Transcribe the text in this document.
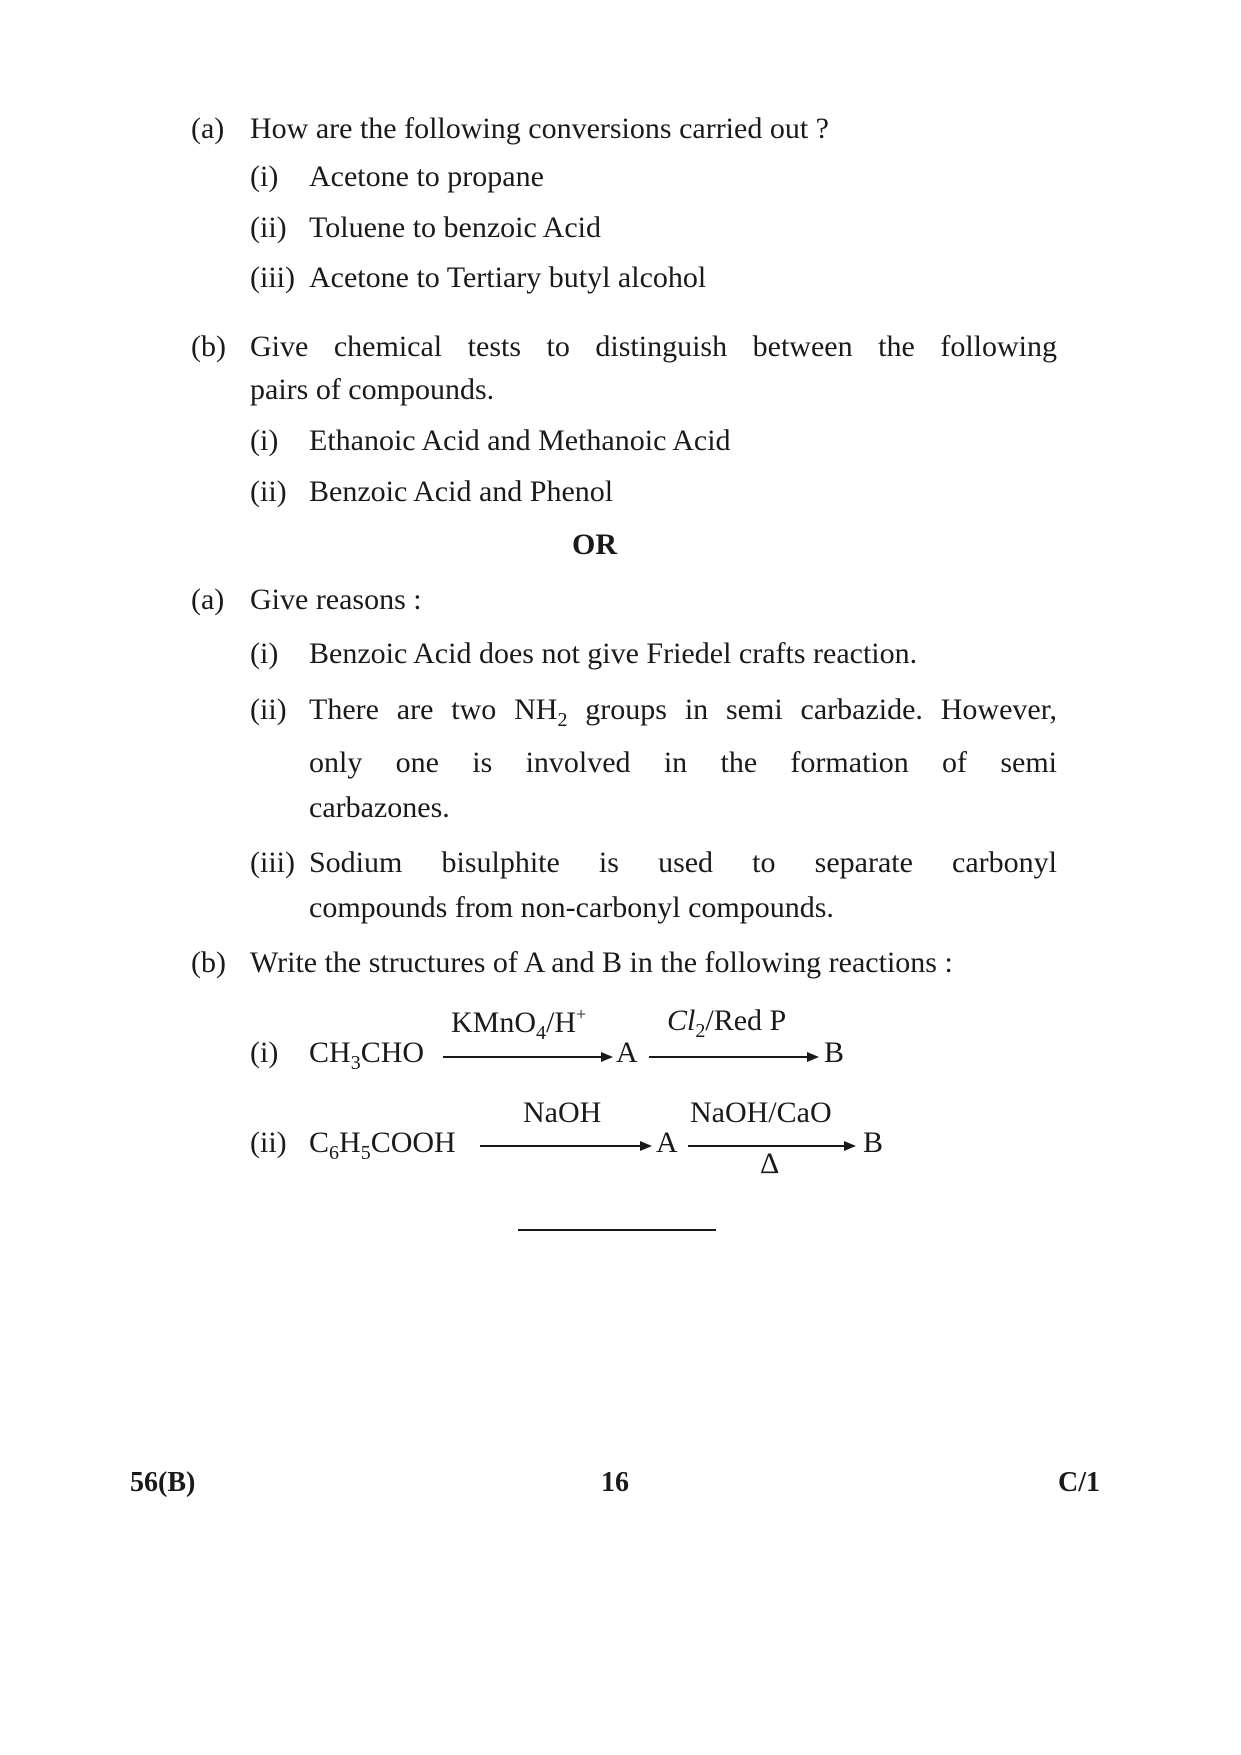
(a) How are the following conversions carried out ?
(i) Acetone to propane
(ii) Toluene to benzoic Acid
(iii) Acetone to Tertiary butyl alcohol
(b) Give chemical tests to distinguish between the following
pairs of compounds.
(i) Ethanoic Acid and Methanoic Acid
(ii) Benzoic Acid and Phenol
OR
(a) Give reasons :
(i) Benzoic Acid does not give Friedel crafts reaction.
(ii) There are two $NH_2$ groups in semi carbazide. However,
only one is involved in the formation of semi
carbazones.
(iii) Sodium bisulphite is used to separate carbonyl
compounds from non-carbonyl compounds.
(b) Write the structures of A and B in the following reactions :
(i) $CH_3CHO$
KMnO$_4$/H+
A
$Cl_2$/Red P
B
(ii) $C_6H_5COOH$
NaOH
A
NaOH/CaO
Δ
B
56(B)	16	C/1
